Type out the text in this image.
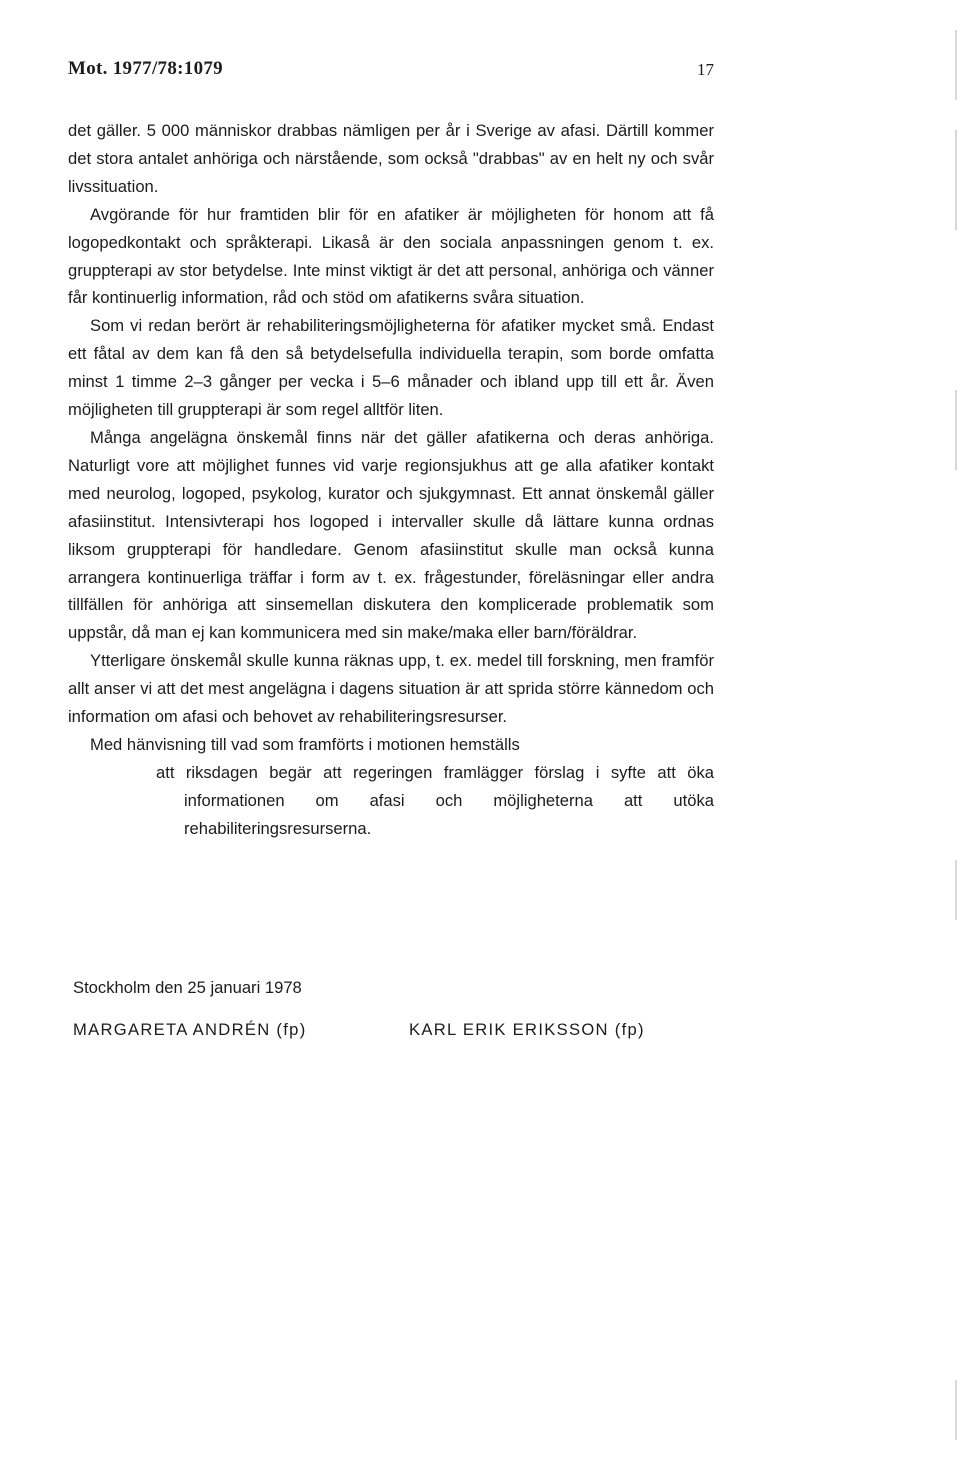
Mot. 1977/78:1079	17

det gäller. 5 000 människor drabbas nämligen per år i Sverige av afasi. Därtill kommer det stora antalet anhöriga och närstående, som också "drabbas" av en helt ny och svår livssituation.

Avgörande för hur framtiden blir för en afatiker är möjligheten för honom att få logopedkontakt och språkterapi. Likaså är den sociala anpassningen genom t. ex. gruppterapi av stor betydelse. Inte minst viktigt är det att personal, anhöriga och vänner får kontinuerlig information, råd och stöd om afatikerns svåra situation.

Som vi redan berört är rehabiliteringsmöjligheterna för afatiker mycket små. Endast ett fåtal av dem kan få den så betydelsefulla individuella terapin, som borde omfatta minst 1 timme 2–3 gånger per vecka i 5–6 månader och ibland upp till ett år. Även möjligheten till gruppterapi är som regel alltför liten.

Många angelägna önskemål finns när det gäller afatikerna och deras anhöriga. Naturligt vore att möjlighet funnes vid varje regionsjukhus att ge alla afatiker kontakt med neurolog, logoped, psykolog, kurator och sjukgymnast. Ett annat önskemål gäller afasiinstitut. Intensivterapi hos logoped i intervaller skulle då lättare kunna ordnas liksom gruppterapi för handledare. Genom afasiinstitut skulle man också kunna arrangera kontinuerliga träffar i form av t. ex. frågestunder, föreläsningar eller andra tillfällen för anhöriga att sinsemellan diskutera den komplicerade problematik som uppstår, då man ej kan kommunicera med sin make/maka eller barn/föräldrar.

Ytterligare önskemål skulle kunna räknas upp, t. ex. medel till forskning, men framför allt anser vi att det mest angelägna i dagens situation är att sprida större kännedom och information om afasi och behovet av rehabiliteringsresurser.

Med hänvisning till vad som framförts i motionen hemställs

att riksdagen begär att regeringen framlägger förslag i syfte att öka informationen om afasi och möjligheterna att utöka rehabiliteringsresurserna.

Stockholm den 25 januari 1978
MARGARETA ANDRÉN (fp)	KARL ERIK ERIKSSON (fp)
